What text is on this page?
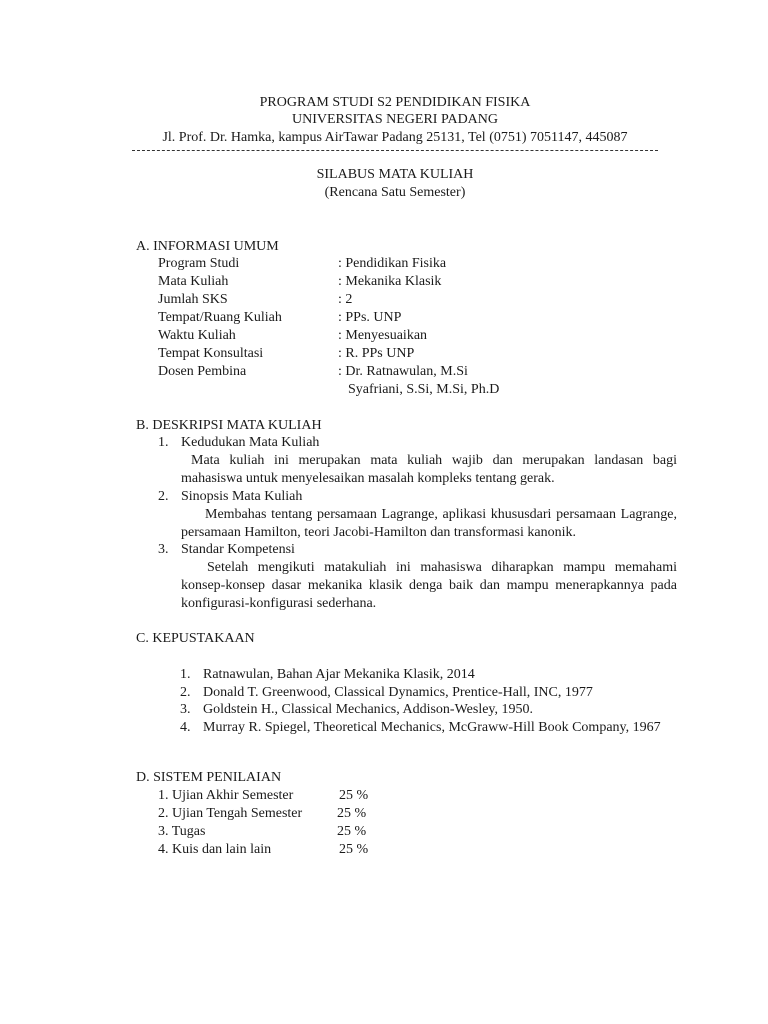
PROGRAM STUDI S2 PENDIDIKAN FISIKA
UNIVERSITAS NEGERI PADANG
Jl. Prof. Dr. Hamka, kampus AirTawar Padang 25131, Tel (0751) 7051147, 445087
SILABUS MATA KULIAH
(Rencana Satu Semester)
A. INFORMASI UMUM
Program Studi	: Pendidikan Fisika
Mata Kuliah	: Mekanika Klasik
Jumlah SKS	: 2
Tempat/Ruang Kuliah	: PPs. UNP
Waktu Kuliah	: Menyesuaikan
Tempat Konsultasi	: R. PPs UNP
Dosen Pembina	: Dr. Ratnawulan, M.Si
Syafriani, S.Si, M.Si, Ph.D
B. DESKRIPSI MATA KULIAH
1. Kedudukan Mata Kuliah
Mata kuliah ini merupakan mata kuliah wajib dan merupakan landasan bagi mahasiswa untuk menyelesaikan masalah kompleks tentang gerak.
2. Sinopsis Mata Kuliah
Membahas tentang persamaan Lagrange, aplikasi khususdari persamaan Lagrange, persamaan Hamilton, teori Jacobi-Hamilton dan transformasi kanonik.
3. Standar Kompetensi
Setelah mengikuti matakuliah ini mahasiswa diharapkan mampu memahami konsep-konsep dasar mekanika klasik denga baik dan mampu menerapkannya pada konfigurasi-konfigurasi sederhana.
C. KEPUSTAKAAN
1. Ratnawulan, Bahan Ajar Mekanika Klasik, 2014
2. Donald T. Greenwood, Classical Dynamics, Prentice-Hall, INC, 1977
3. Goldstein H., Classical Mechanics, Addison-Wesley, 1950.
4. Murray R. Spiegel, Theoretical Mechanics, McGraww-Hill Book Company, 1967
D. SISTEM PENILAIAN
1. Ujian Akhir Semester	25 %
2. Ujian Tengah Semester 25 %
3. Tugas	25 %
4. Kuis dan lain lain	25 %
